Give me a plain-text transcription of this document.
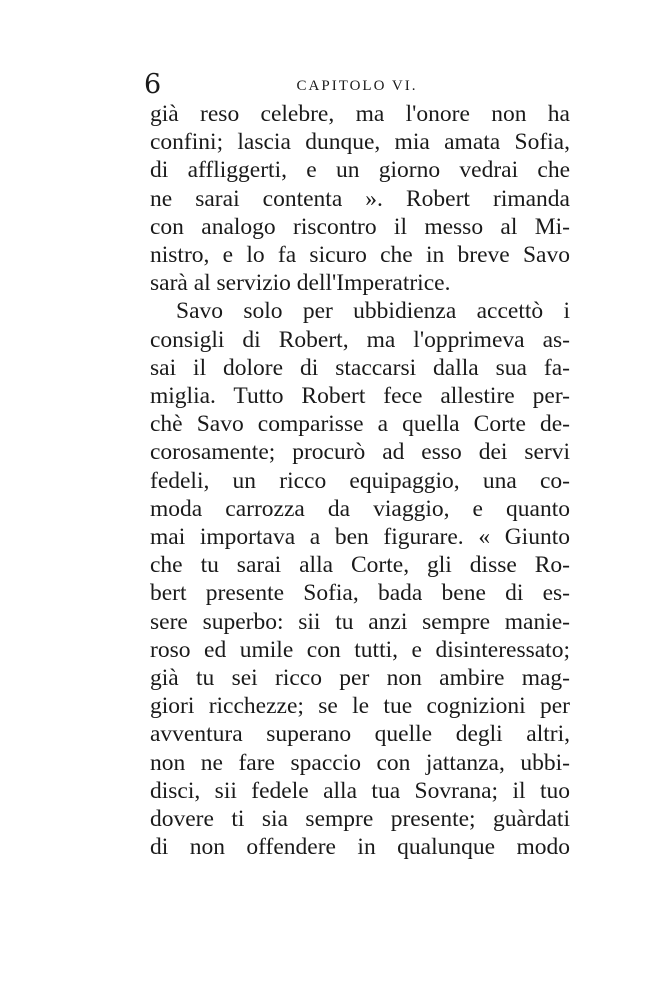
6	CAPITOLO VI.
già reso celebre, ma l'onore non ha
confini; lascia dunque, mia amata Sofia,
di affliggerti, e un giorno vedrai che
ne sarai contenta ». Robert rimanda
con analogo riscontro il messo al Mi-
nistro, e lo fa sicuro che in breve Savo
sarà al servizio dell'Imperatrice.
Savo solo per ubbidienza accettò i
consigli di Robert, ma l'opprimeva as-
sai il dolore di staccarsi dalla sua fa-
miglia. Tutto Robert fece allestire per-
chè Savo comparisse a quella Corte de-
corosamente; procurò ad esso dei servi
fedeli, un ricco equipaggio, una co-
moda carrozza da viaggio, e quanto
mai importava a ben figurare. « Giunto
che tu sarai alla Corte, gli disse Ro-
bert presente Sofia, bada bene di es-
sere superbo: sii tu anzi sempre manie-
roso ed umile con tutti, e disinteressato;
già tu sei ricco per non ambire mag-
giori ricchezze; se le tue cognizioni per
avventura superano quelle degli altri,
non ne fare spaccio con jattanza, ubbi-
disci, sii fedele alla tua Sovrana; il tuo
dovere ti sia sempre presente; guàrdati
di non offendere in qualunque modo
